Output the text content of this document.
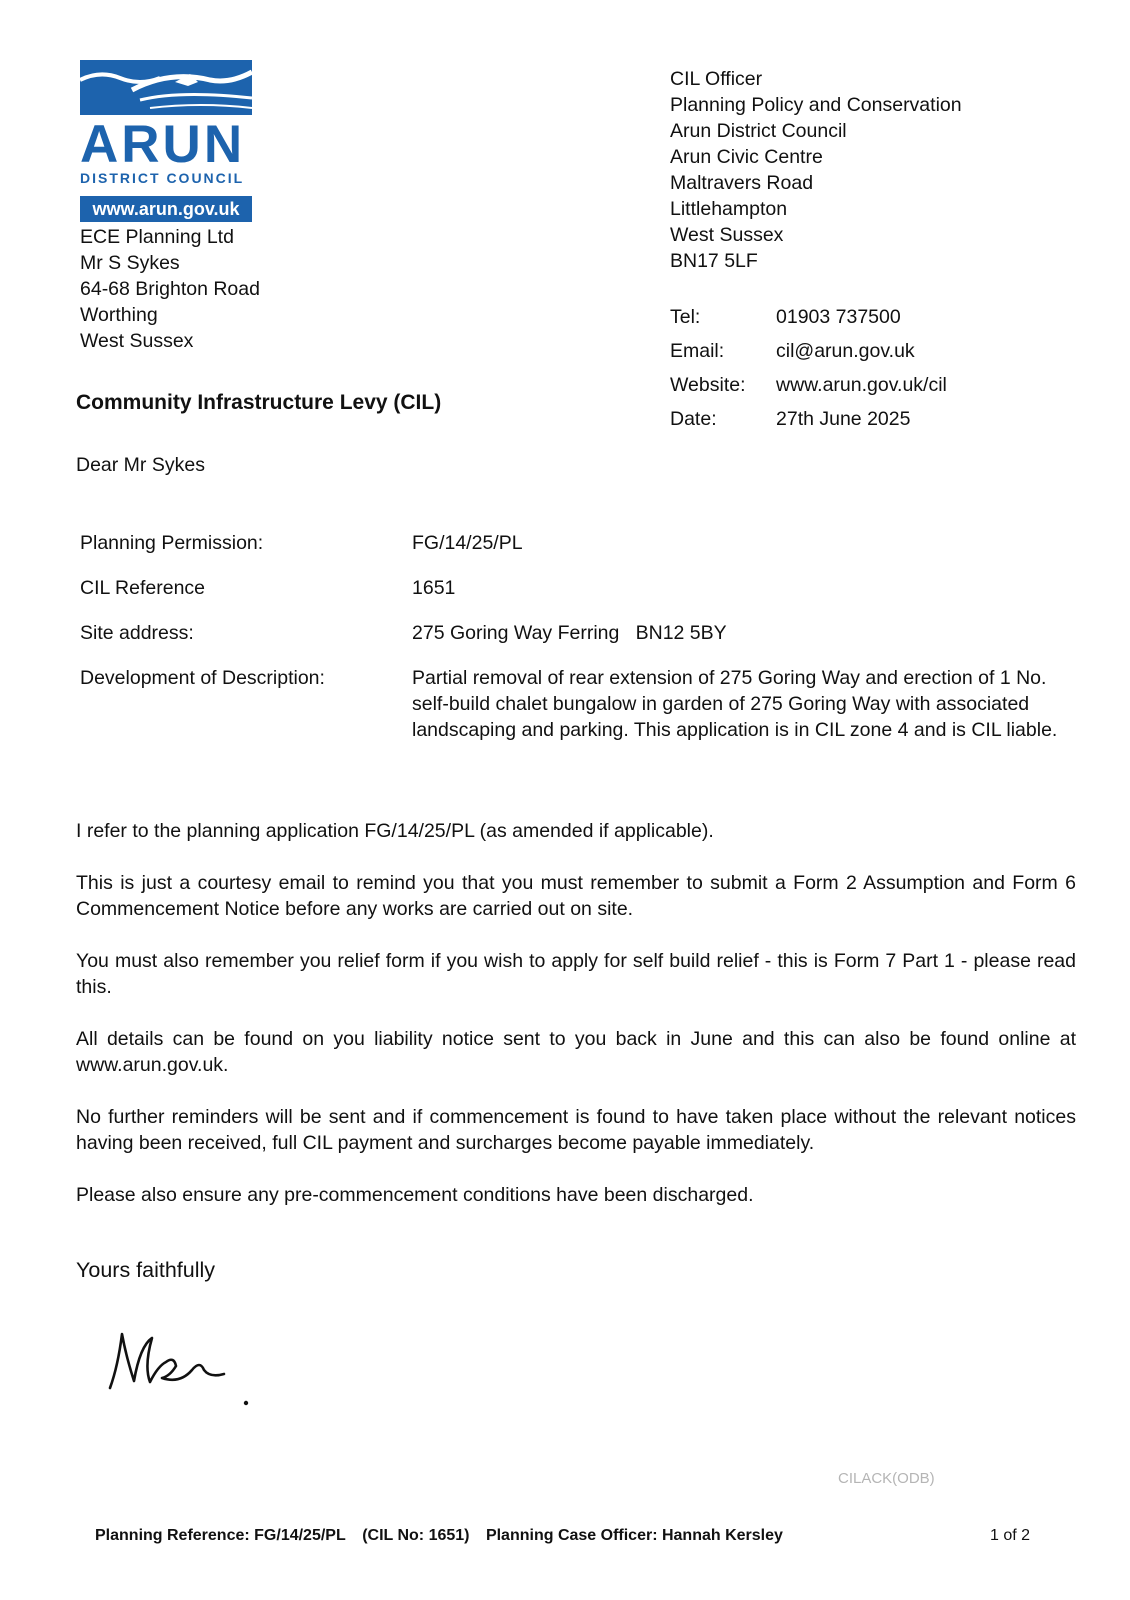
ARUN
DISTRICT COUNCIL
www.arun.gov.uk
ECE Planning Ltd
Mr S Sykes
64-68 Brighton Road
Worthing
West Sussex
CIL Officer
Planning Policy and Conservation
Arun District Council
Arun Civic Centre
Maltravers Road
Littlehampton
West Sussex
BN17 5LF
Tel:	01903 737500
Email:	cil@arun.gov.uk
Website:	www.arun.gov.uk/cil
Date:	27th June 2025
Community Infrastructure Levy (CIL)
Dear Mr Sykes
Planning Permission:	FG/14/25/PL
CIL Reference	1651
Site address:	275 Goring Way Ferring   BN12 5BY
Development of Description:	Partial removal of rear extension of 275 Goring Way and erection of 1 No. self-build chalet bungalow in garden of 275 Goring Way with associated landscaping and parking. This application is in CIL zone 4 and is CIL liable.

I refer to the planning application FG/14/25/PL (as amended if applicable).

This is just a courtesy email to remind you that you must remember to submit a Form 2 Assumption and Form 6 Commencement Notice before any works are carried out on site.

You must also remember you relief form if you wish to apply for self build relief - this is Form 7 Part 1 - please read this.

All details can be found on you liability notice sent to you back in June and this can also be found online at www.arun.gov.uk.

No further reminders will be sent and if commencement is found to have taken place without the relevant notices having been received, full CIL payment and surcharges become payable immediately.

Please also ensure any pre-commencement conditions have been discharged.

Yours faithfully
CILACK(ODB)
Planning Reference: FG/14/25/PL (CIL No: 1651) Planning Case Officer: Hannah Kersley	1 of 2
